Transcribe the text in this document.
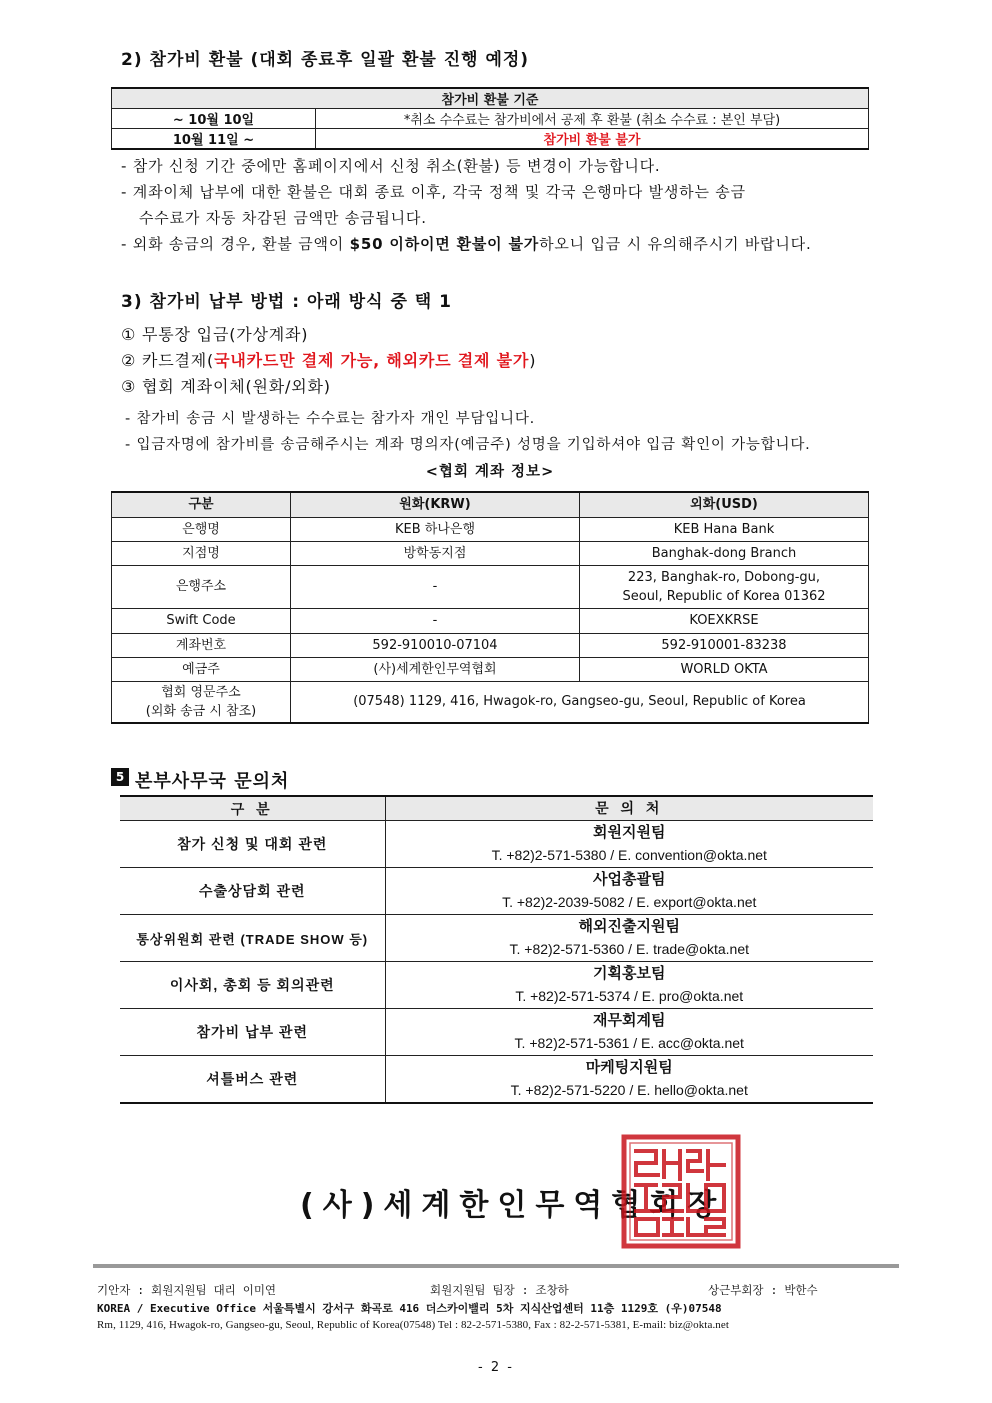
2) 참가비 환불 (대회 종료후 일괄 환불 진행 예정)
참가비 환불 기준	
~ 10월 10일	*취소 수수료는 참가비에서 공제 후 환불 (취소 수수료 : 본인 부담)
10월 11일 ~	참가비 환불 불가
- 참가 신청 기간 중에만 홈페이지에서 신청 취소(환불) 등 변경이 가능합니다.
- 계좌이체 납부에 대한 환불은 대회 종료 이후, 각국 정책 및 각국 은행마다 발생하는 송금
수수료가 자동 차감된 금액만 송금됩니다.
- 외화 송금의 경우, 환불 금액이 $50 이하이면 환불이 불가하오니 입금 시 유의해주시기 바랍니다.
3) 참가비 납부 방법 : 아래 방식 중 택 1
① 무통장 입금(가상계좌)
② 카드결제(국내카드만 결제 가능, 해외카드 결제 불가)
③ 협회 계좌이체(원화/외화)
- 참가비 송금 시 발생하는 수수료는 참가자 개인 부담입니다.
- 입금자명에 참가비를 송금해주시는 계좌 명의자(예금주) 성명을 기입하셔야 입금 확인이 가능합니다.
<협회 계좌 정보>
구분	원화(KRW)	외화(USD)
은행명	KEB 하나은행	KEB Hana Bank
지점명	방학동지점	Banghak-dong Branch
은행주소	-	223, Banghak-ro, Dobong-gu,
Seoul, Republic of Korea 01362

Swift Code	-	KOEXKRSE
계좌번호	592-910010-07104	592-910001-83238
예금주	(사)세계한인무역협회	WORLD OKTA

협회 영문주소
(외화 송금 시 참조)	(07548) 1129, 416, Hwagok-ro, Gangseo-gu, Seoul, Republic of Korea	
5 본부사무국 문의처
구 분	문 의 처
참가 신청 및 대회 관련	회원지원팀
T. +82)2-571-5380 / E. convention@okta.net

수출상담회 관련	사업총괄팀
T. +82)2-2039-5082 / E. export@okta.net

통상위원회 관련 (TRADE SHOW 등)	해외진출지원팀
T. +82)2-571-5360 / E. trade@okta.net

이사회, 총회 등 회의관련	기획홍보팀
T. +82)2-571-5374 / E. pro@okta.net

참가비 납부 관련	재무회계팀
T. +82)2-571-5361 / E. acc@okta.net

셔틀버스 관련	마케팅지원팀
T. +82)2-571-5220 / E. hello@okta.net
(사)세계한인무역협회장
기안자 : 회원지원팀 대리 이미연	회원지원팀 팀장 : 조창하	상근부회장 : 박한수
KOREA / Executive Office 서울특별시 강서구 화곡로 416 더스카이밸리 5차 지식산업센터 11층 1129호 (우)07548
Rm, 1129, 416, Hwagok-ro, Gangseo-gu, Seoul, Republic of Korea(07548) Tel : 82-2-571-5380, Fax : 82-2-571-5381, E-mail: biz@okta.net
- 2 -
